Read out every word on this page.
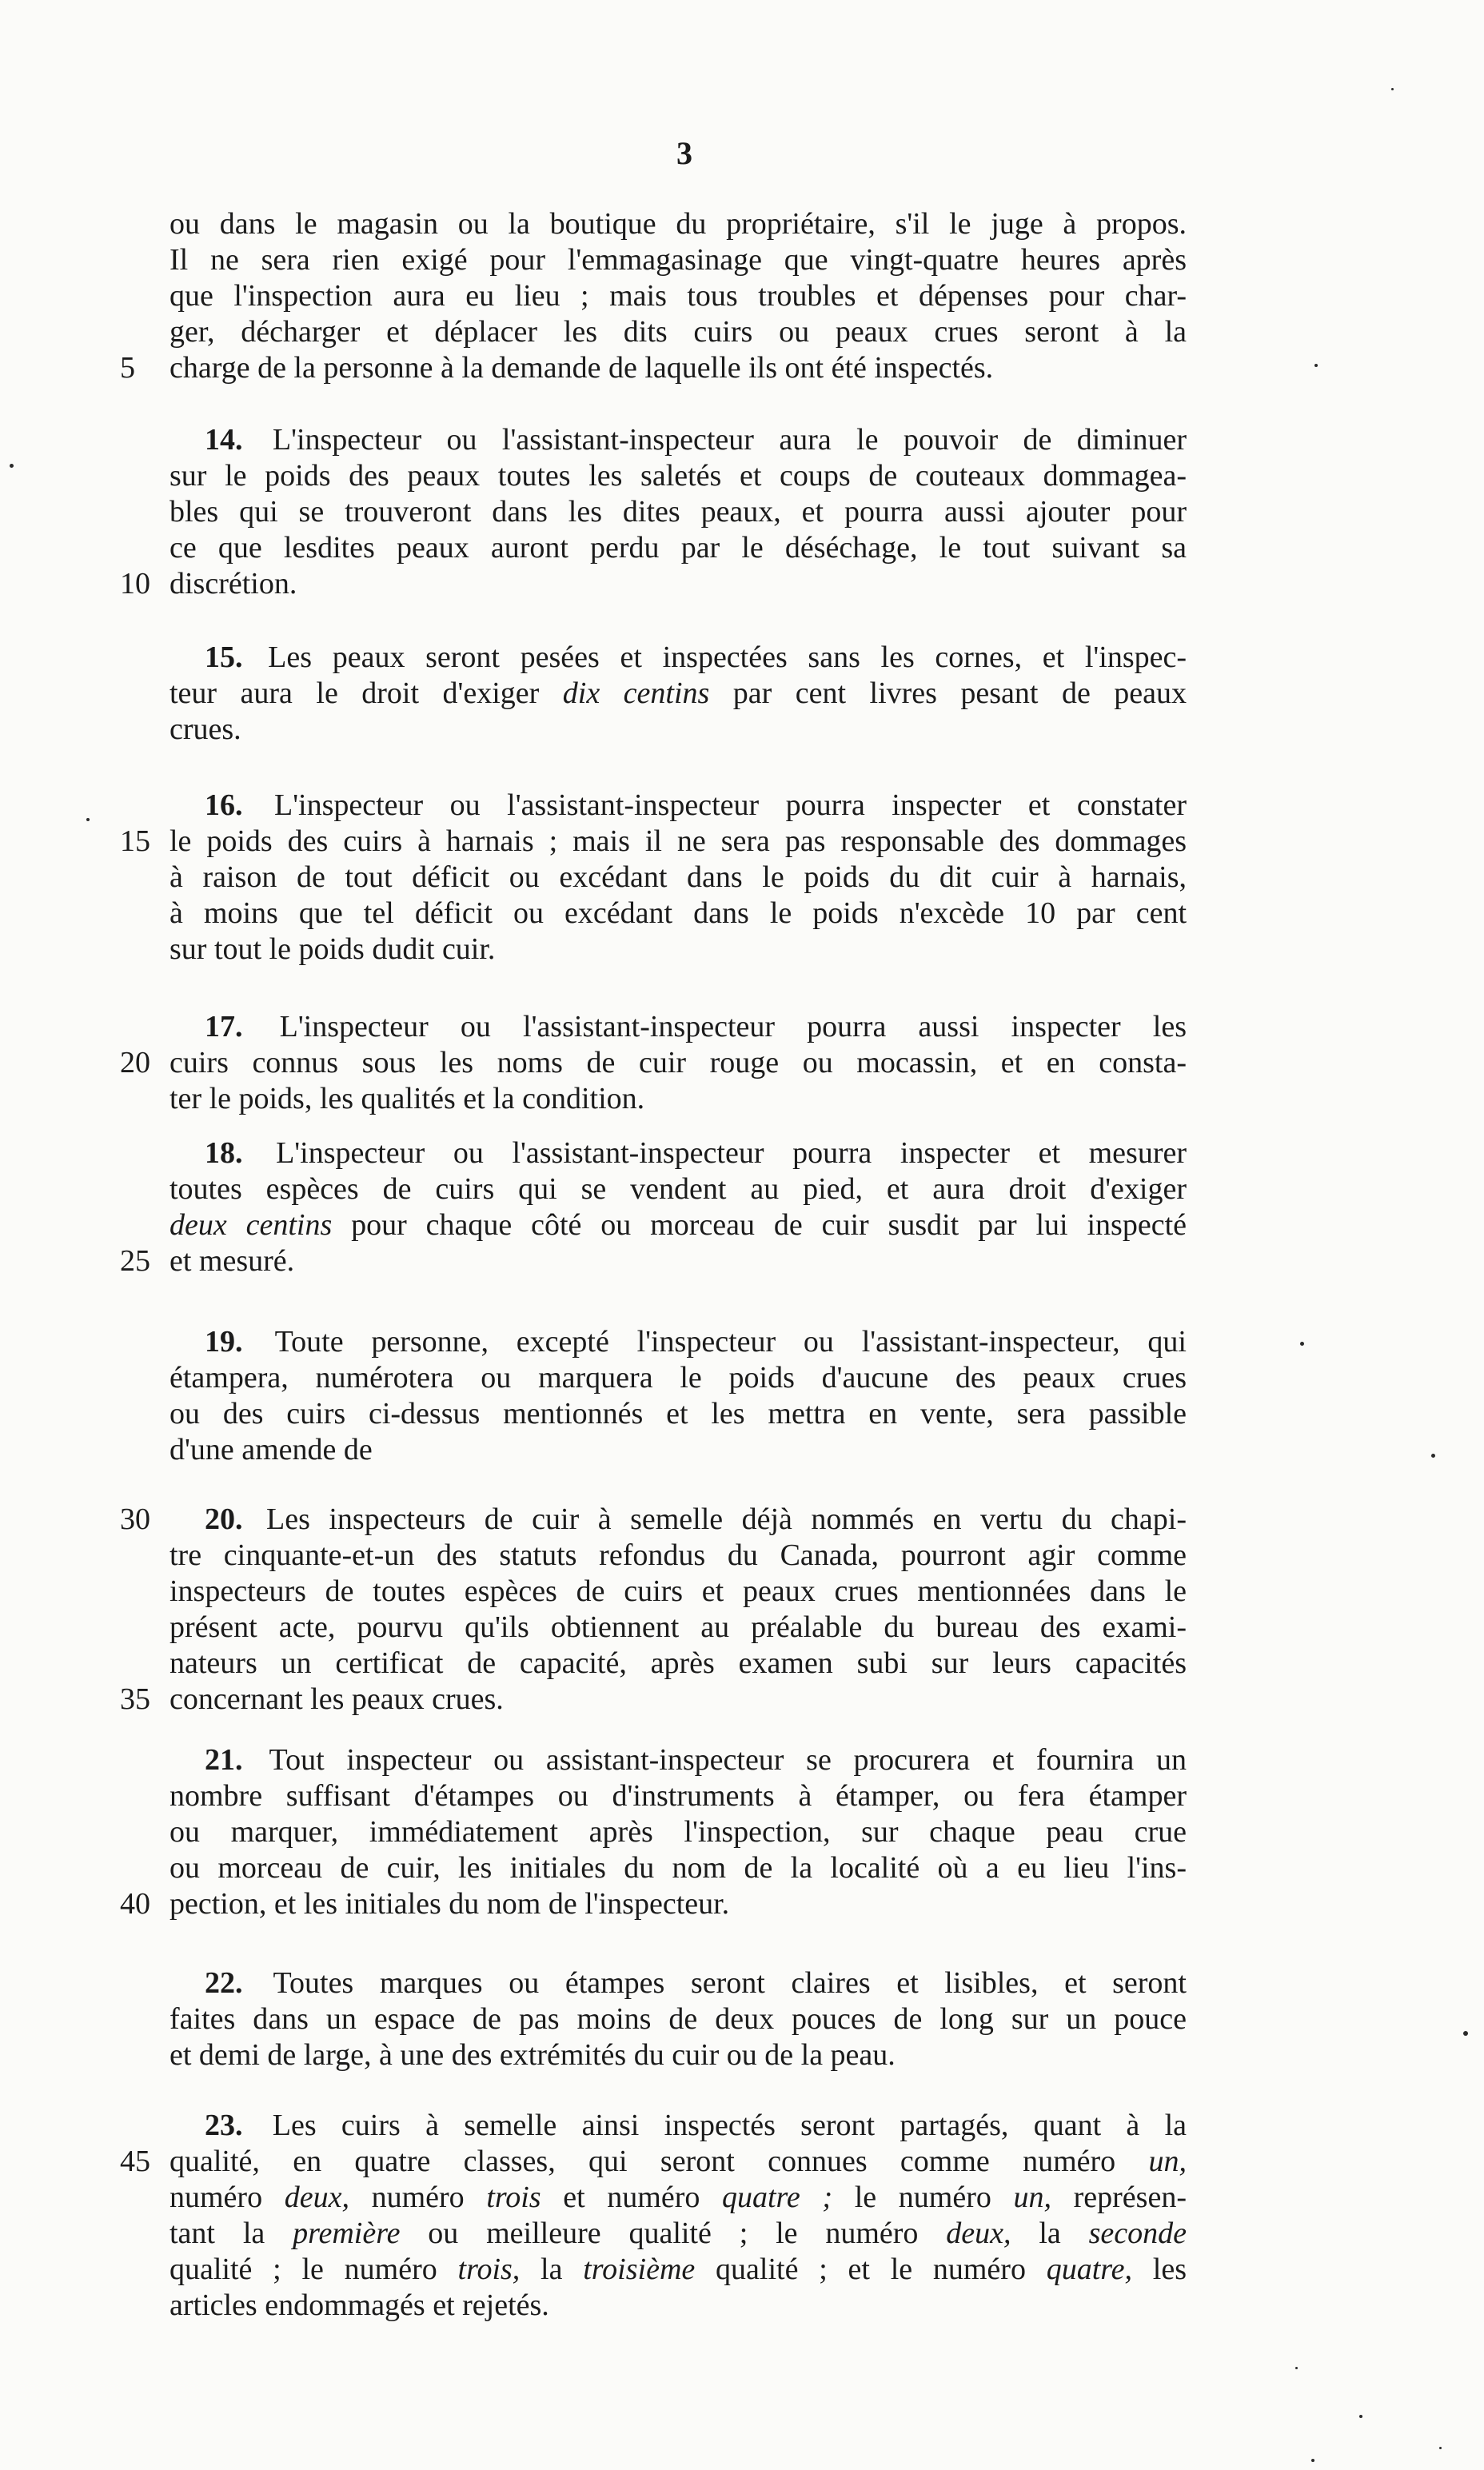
3
ou dans le magasin ou la boutique du propriétaire, s'il le juge à propos.
Il ne sera rien exigé pour l'emmagasinage que vingt-quatre heures après
que l'inspection aura eu lieu ; mais tous troubles et dépenses pour char-
ger, décharger et déplacer les dits cuirs ou peaux crues seront à la
5	charge de la personne à la demande de laquelle ils ont été inspectés.
14. L'inspecteur ou l'assistant-inspecteur aura le pouvoir de diminuer
sur le poids des peaux toutes les saletés et coups de couteaux dommagea-
bles qui se trouveront dans les dites peaux, et pourra aussi ajouter pour
ce que lesdites peaux auront perdu par le déséchage, le tout suivant sa
10 discrétion.
15. Les peaux seront pesées et inspectées sans les cornes, et l'inspec-
teur aura le droit d'exiger dix centins par cent livres pesant de peaux
crues.
16. L'inspecteur ou l'assistant-inspecteur pourra inspecter et constater
15 le poids des cuirs à harnais ; mais il ne sera pas responsable des dommages
à raison de tout déficit ou excédant dans le poids du dit cuir à harnais,
à moins que tel déficit ou excédant dans le poids n'excède 10 par cent
sur tout le poids dudit cuir.
17. L'inspecteur ou l'assistant-inspecteur pourra aussi inspecter les
20 cuirs connus sous les noms de cuir rouge ou mocassin, et en consta-
ter le poids, les qualités et la condition.
18. L'inspecteur ou l'assistant-inspecteur pourra inspecter et mesurer
toutes espèces de cuirs qui se vendent au pied, et aura droit d'exiger
deux centins pour chaque côté ou morceau de cuir susdit par lui inspecté
25 et mesuré.
19. Toute personne, excepté l'inspecteur ou l'assistant-inspecteur, qui
étampera, numérotera ou marquera le poids d'aucune des peaux crues
ou des cuirs ci-dessus mentionnés et les mettra en vente, sera passible
d'une amende de
30	20. Les inspecteurs de cuir à semelle déjà nommés en vertu du chapi-
tre cinquante-et-un des statuts refondus du Canada, pourront agir comme
inspecteurs de toutes espèces de cuirs et peaux crues mentionnées dans le
présent acte, pourvu qu'ils obtiennent au préalable du bureau des exami-
nateurs un certificat de capacité, après examen subi sur leurs capacités
35 concernant les peaux crues.
21. Tout inspecteur ou assistant-inspecteur se procurera et fournira un
nombre suffisant d'étampes ou d'instruments à étamper, ou fera étamper
ou marquer, immédiatement après l'inspection, sur chaque peau crue
ou morceau de cuir, les initiales du nom de la localité où a eu lieu l'ins-
40 pection, et les initiales du nom de l'inspecteur.
22. Toutes marques ou étampes seront claires et lisibles, et seront
faites dans un espace de pas moins de deux pouces de long sur un pouce
et demi de large, à une des extrémités du cuir ou de la peau.
23. Les cuirs à semelle ainsi inspectés seront partagés, quant à la
45 qualité, en quatre classes, qui seront connues comme numéro un,
numéro deux, numéro trois et numéro quatre ; le numéro un, représen-
tant la première ou meilleure qualité ; le numéro deux, la seconde
qualité ; le numéro trois, la troisième qualité ; et le numéro quatre, les
articles endommagés et rejetés.
